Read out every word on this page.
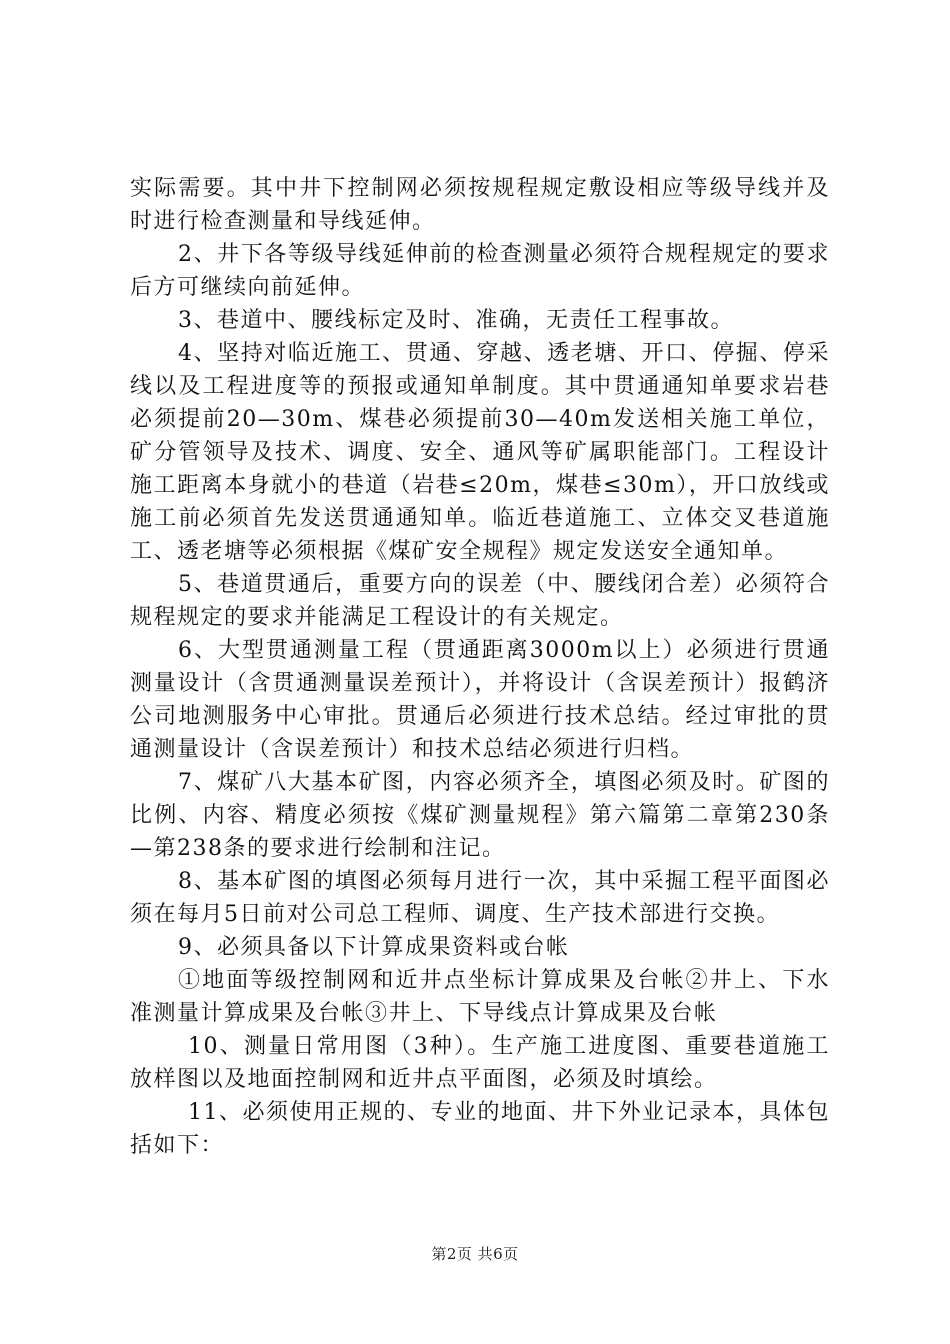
实际需要。其中井下控制网必须按规程规定敷设相应等级导线并及时进行检查测量和导线延伸。

2、井下各等级导线延伸前的检查测量必须符合规程规定的要求后方可继续向前延伸。

3、巷道中、腰线标定及时、准确，无责任工程事故。

4、坚持对临近施工、贯通、穿越、透老塘、开口、停掘、停采线以及工程进度等的预报或通知单制度。其中贯通通知单要求岩巷必须提前20—30m、煤巷必须提前30—40m发送相关施工单位，矿分管领导及技术、调度、安全、通风等矿属职能部门。工程设计施工距离本身就小的巷道（岩巷≤20m，煤巷≤30m），开口放线或施工前必须首先发送贯通通知单。临近巷道施工、立体交叉巷道施工、透老塘等必须根据《煤矿安全规程》规定发送安全通知单。

5、巷道贯通后，重要方向的误差（中、腰线闭合差）必须符合规程规定的要求并能满足工程设计的有关规定。

6、大型贯通测量工程（贯通距离3000m以上）必须进行贯通测量设计（含贯通测量误差预计），并将设计（含误差预计）报鹤济公司地测服务中心审批。贯通后必须进行技术总结。经过审批的贯通测量设计（含误差预计）和技术总结必须进行归档。

7、煤矿八大基本矿图，内容必须齐全，填图必须及时。矿图的比例、内容、精度必须按《煤矿测量规程》第六篇第二章第230条—第238条的要求进行绘制和注记。

8、基本矿图的填图必须每月进行一次，其中采掘工程平面图必须在每月5日前对公司总工程师、调度、生产技术部进行交换。

9、必须具备以下计算成果资料或台帐

①地面等级控制网和近井点坐标计算成果及台帐②井上、下水准测量计算成果及台帐③井上、下导线点计算成果及台帐

10、测量日常用图（3种）。生产施工进度图、重要巷道施工放样图以及地面控制网和近井点平面图，必须及时填绘。

11、必须使用正规的、专业的地面、井下外业记录本，具体包括如下：

第2页 共6页
